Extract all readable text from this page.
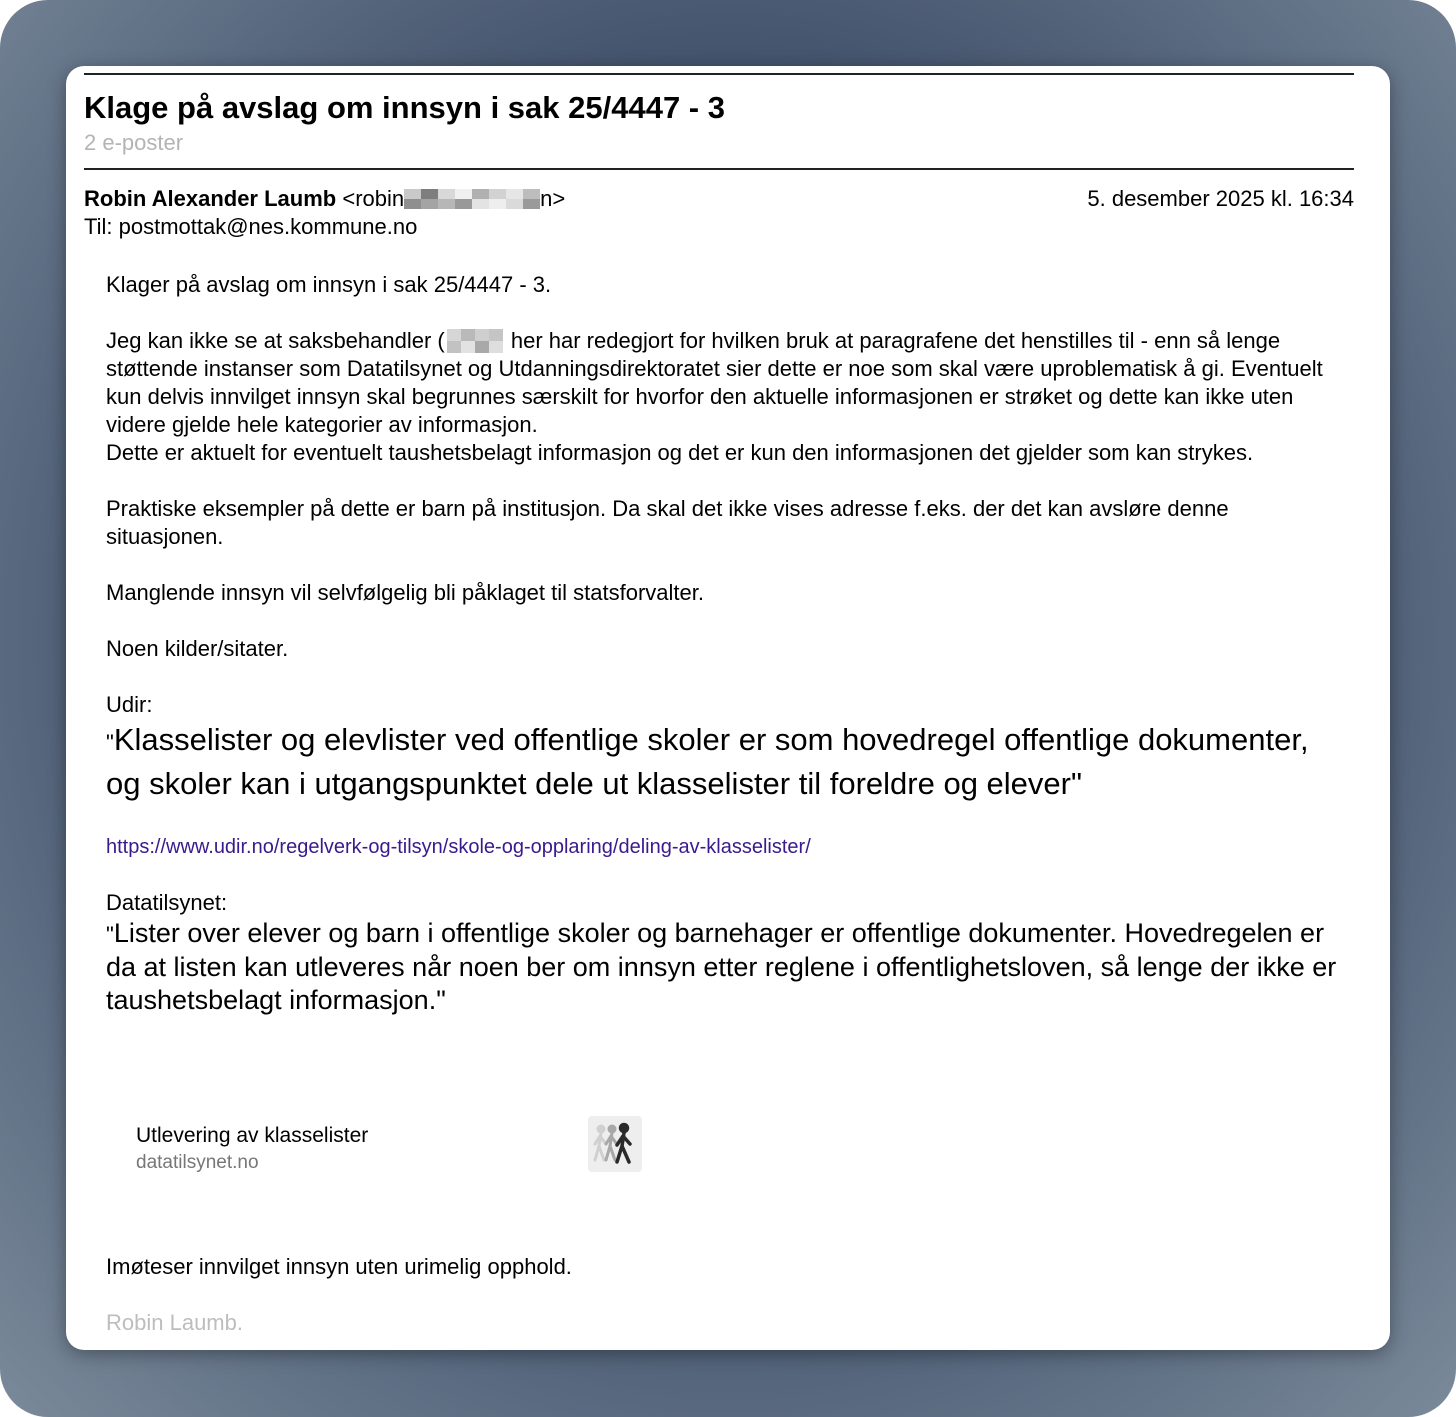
Klage på avslag om innsyn i sak 25/4447 - 3
2 e-poster
Robin Alexander Laumb <robin	n>	5. desember 2025 kl. 16:34
Til: postmottak@nes.kommune.no

Klager på avslag om innsyn i sak 25/4447 - 3.

Jeg kan ikke se at saksbehandler (	her har redegjort for hvilken bruk at paragrafene det henstilles til - enn så lenge støttende instanser som Datatilsynet og Utdanningsdirektoratet sier dette er noe som skal være uproblematisk å gi. Eventuelt kun delvis innvilget innsyn skal begrunnes særskilt for hvorfor den aktuelle informasjonen er strøket og dette kan ikke uten videre gjelde hele kategorier av informasjon.
Dette er aktuelt for eventuelt taushetsbelagt informasjon og det er kun den informasjonen det gjelder som kan strykes.

Praktiske eksempler på dette er barn på institusjon. Da skal det ikke vises adresse f.eks. der det kan avsløre denne situasjonen.

Manglende innsyn vil selvfølgelig bli påklaget til statsforvalter.

Noen kilder/sitater.

Udir:

"Klasselister og elevlister ved offentlige skoler er som hovedregel offentlige dokumenter, og skoler kan i utgangspunktet dele ut klasselister til foreldre og elever"

https://www.udir.no/regelverk-og-tilsyn/skole-og-opplaring/deling-av-klasselister/

Datatilsynet:

"Lister over elever og barn i offentlige skoler og barnehager er offentlige dokumenter. Hovedregelen er da at listen kan utleveres når noen ber om innsyn etter reglene i offentlighetsloven, så lenge der ikke er taushetsbelagt informasjon."

Utlevering av klasselister
datatilsynet.no
Imøteser innvilget innsyn uten urimelig opphold.
Robin Laumb.
